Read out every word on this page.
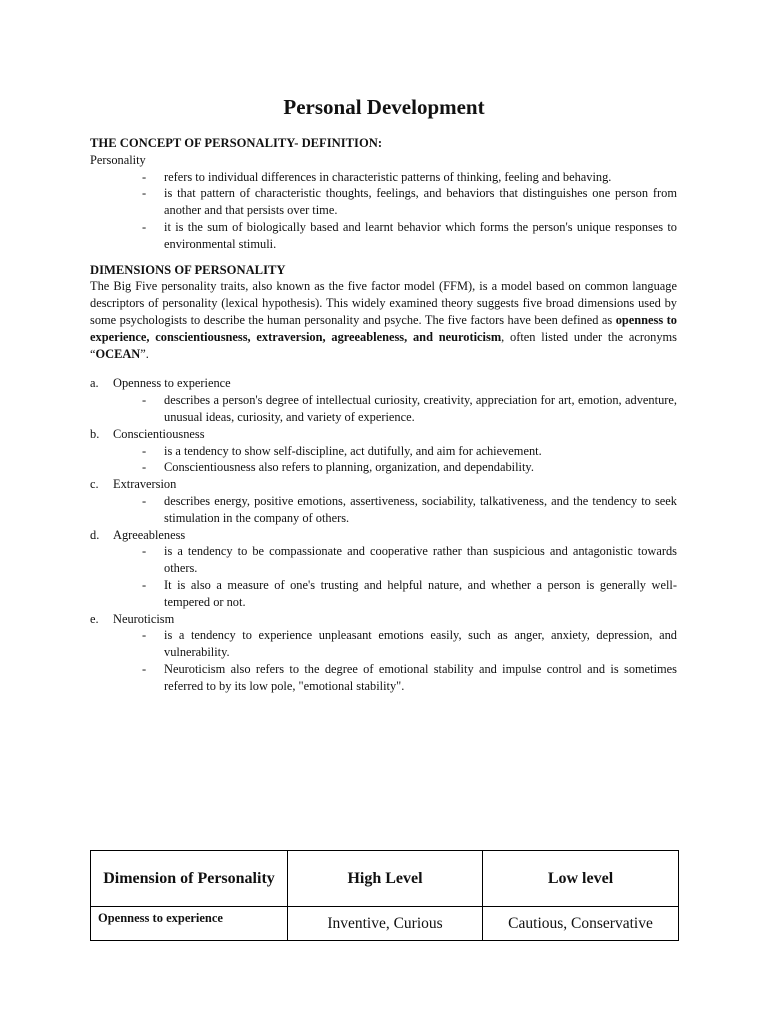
Personal Development

THE CONCEPT OF PERSONALITY- DEFINITION:

Personality

- refers to individual differences in characteristic patterns of thinking, feeling and behaving.
- is that pattern of characteristic thoughts, feelings, and behaviors that distinguishes one person from another and that persists over time.
- it is the sum of biologically based and learnt behavior which forms the person's unique responses to environmental stimuli.

DIMENSIONS OF PERSONALITY

The Big Five personality traits, also known as the five factor model (FFM), is a model based on common language descriptors of personality (lexical hypothesis). This widely examined theory suggests five broad dimensions used by some psychologists to describe the human personality and psyche. The five factors have been defined as openness to experience, conscientiousness, extraversion, agreeableness, and neuroticism, often listed under the acronyms “OCEAN”.

a. Openness to experience
- describes a person's degree of intellectual curiosity, creativity, appreciation for art, emotion, adventure, unusual ideas, curiosity, and variety of experience.
b. Conscientiousness
- is a tendency to show self-discipline, act dutifully, and aim for achievement.
- Conscientiousness also refers to planning, organization, and dependability.
c. Extraversion
- describes energy, positive emotions, assertiveness, sociability, talkativeness, and the tendency to seek stimulation in the company of others.
d. Agreeableness
- is a tendency to be compassionate and cooperative rather than suspicious and antagonistic towards others.
- It is also a measure of one's trusting and helpful nature, and whether a person is generally well-tempered or not.
e. Neuroticism
- is a tendency to experience unpleasant emotions easily, such as anger, anxiety, depression, and vulnerability.
- Neuroticism also refers to the degree of emotional stability and impulse control and is sometimes referred to by its low pole, "emotional stability".
Dimension of Personality	High Level	Low level
Openness to experience	Inventive, Curious	Cautious, Conservative
